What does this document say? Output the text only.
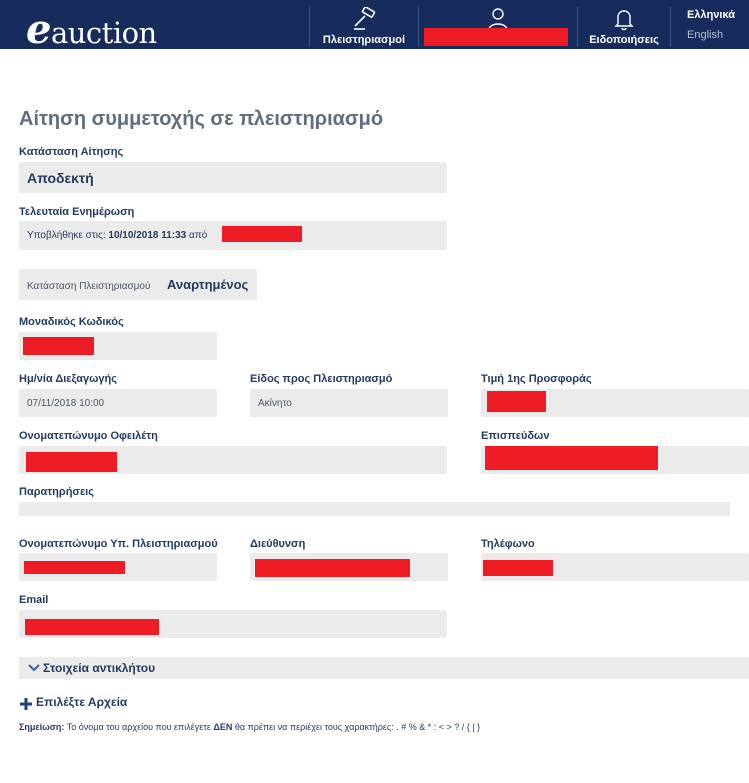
eauction	Πλειστηριασμοί	Ειδοποιήσεις
Ελληνικά
English
Αίτηση συμμετοχής σε πλειστηριασμό
Κατάσταση Αίτησης
Αποδεκτή
Τελευταία Ενημέρωση
Υποβλήθηκε στις: 10/10/2018 11:33 από
Κατάσταση Πλειστηριασμού Αναρτημένος
Μοναδικός Κωδικός
Ημ/νία Διεξαγωγής
07/11/2018 10:00
Είδος προς Πλειστηριασμό
Ακίνητο
Τιμή 1ης Προσφοράς
Ονοματεπώνυμο Οφειλέτη	Επισπεύδων
Παρατηρήσεις
Ονοματεπώνυμο Υπ. Πλειστηριασμού	Διεύθυνση	Τηλέφωνο
Email
Στοιχεία αντικλήτου
Επιλέξτε Αρχεία
Σημείωση: Το όνομα του αρχείου που επιλέγετε ΔΕΝ θα πρέπει να περιέχει τους χαρακτήρες: . # % & * : < > ? / { | }
